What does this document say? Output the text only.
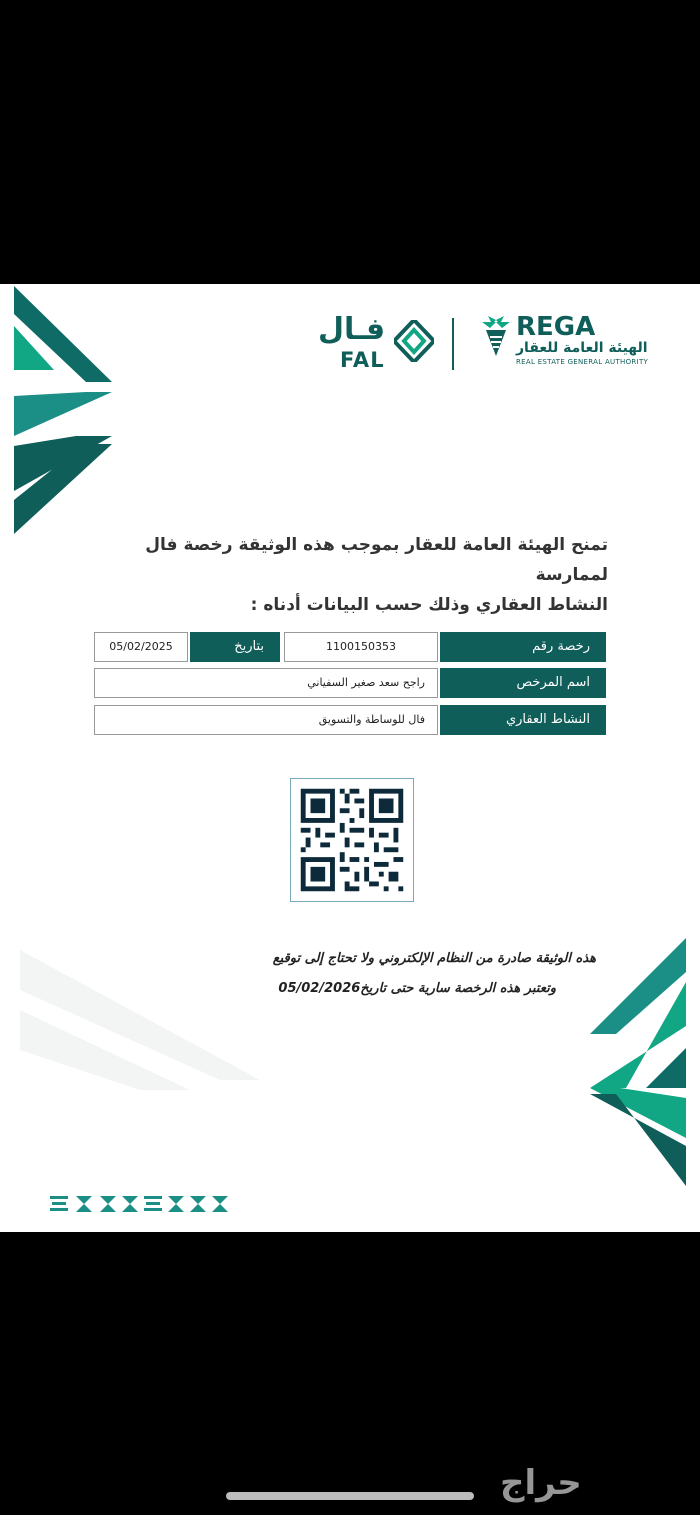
فـال
FAL
REGA
الهيئة العامة للعقار
REAL ESTATE GENERAL AUTHORITY
تمنح الهيئة العامة للعقار بموجب هذه الوثيقة رخصة فال لممارسة
النشاط العقاري وذلك حسب البيانات أدناه :
رخصة رقم
1100150353
بتاريخ
05/02/2025
اسم المرخص
راجح سعد صغير السفياني
النشاط العقاري
فال للوساطة والتسويق
هذه الوثيقة صادرة من النظام الإلكتروني ولا تحتاج إلى توقيع
وتعتبر هذه الرخصة سارية حتى تاريخ05/02/2026
حراج
